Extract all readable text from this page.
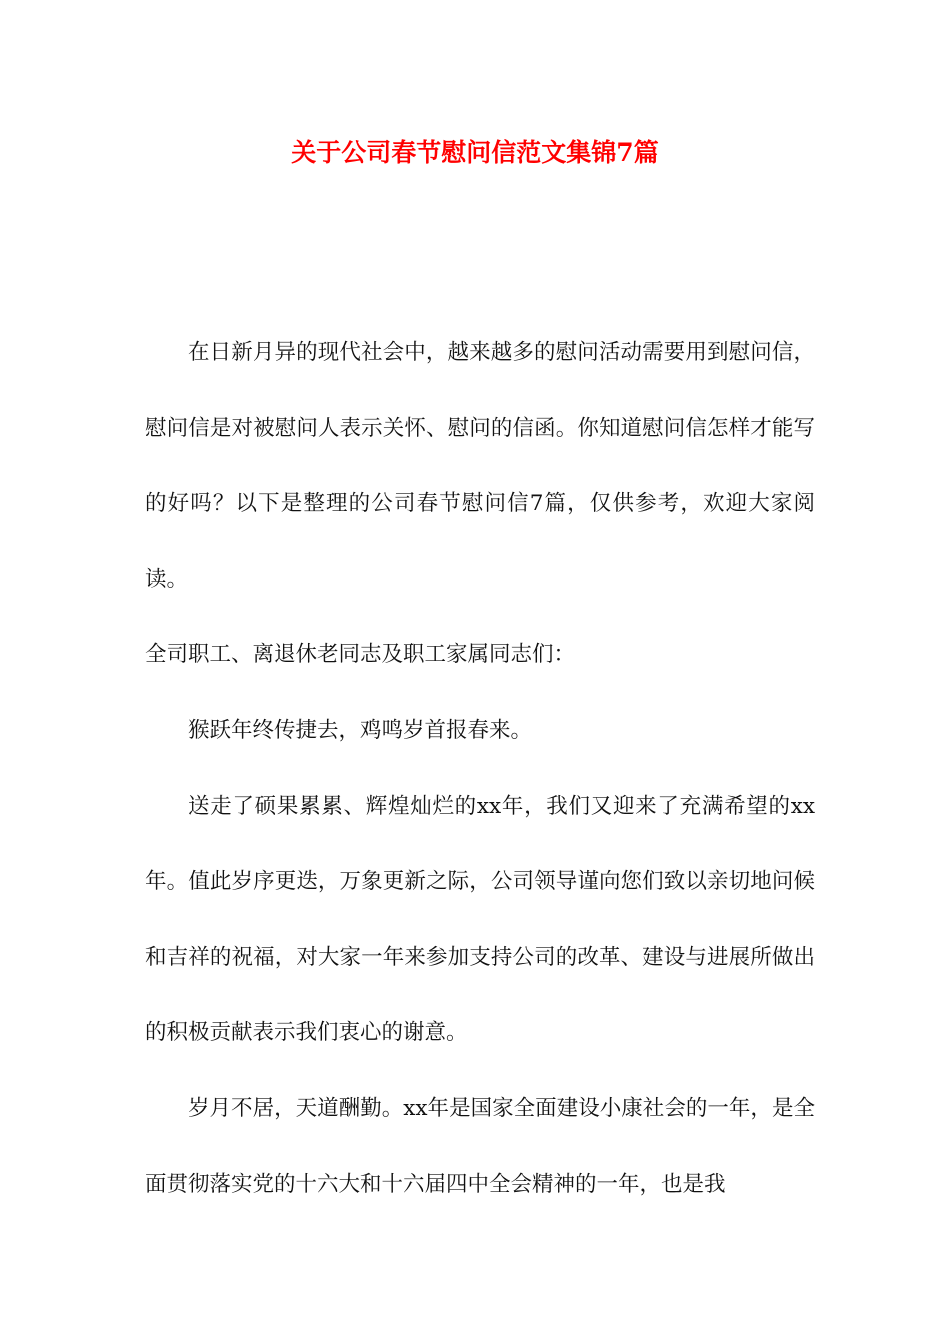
关于公司春节慰问信范文集锦7篇

在日新月异的现代社会中，越来越多的慰问活动需要用到慰问信，慰问信是对被慰问人表示关怀、慰问的信函。你知道慰问信怎样才能写的好吗？以下是整理的公司春节慰问信7篇，仅供参考，欢迎大家阅读。

全司职工、离退休老同志及职工家属同志们：

猴跃年终传捷去，鸡鸣岁首报春来。

送走了硕果累累、辉煌灿烂的xx年，我们又迎来了充满希望的xx年。值此岁序更迭，万象更新之际，公司领导谨向您们致以亲切地问候和吉祥的祝福，对大家一年来参加支持公司的改革、建设与进展所做出的积极贡献表示我们衷心的谢意。

岁月不居，天道酬勤。xx年是国家全面建设小康社会的一年，是全面贯彻落实党的十六大和十六届四中全会精神的一年，也是我
